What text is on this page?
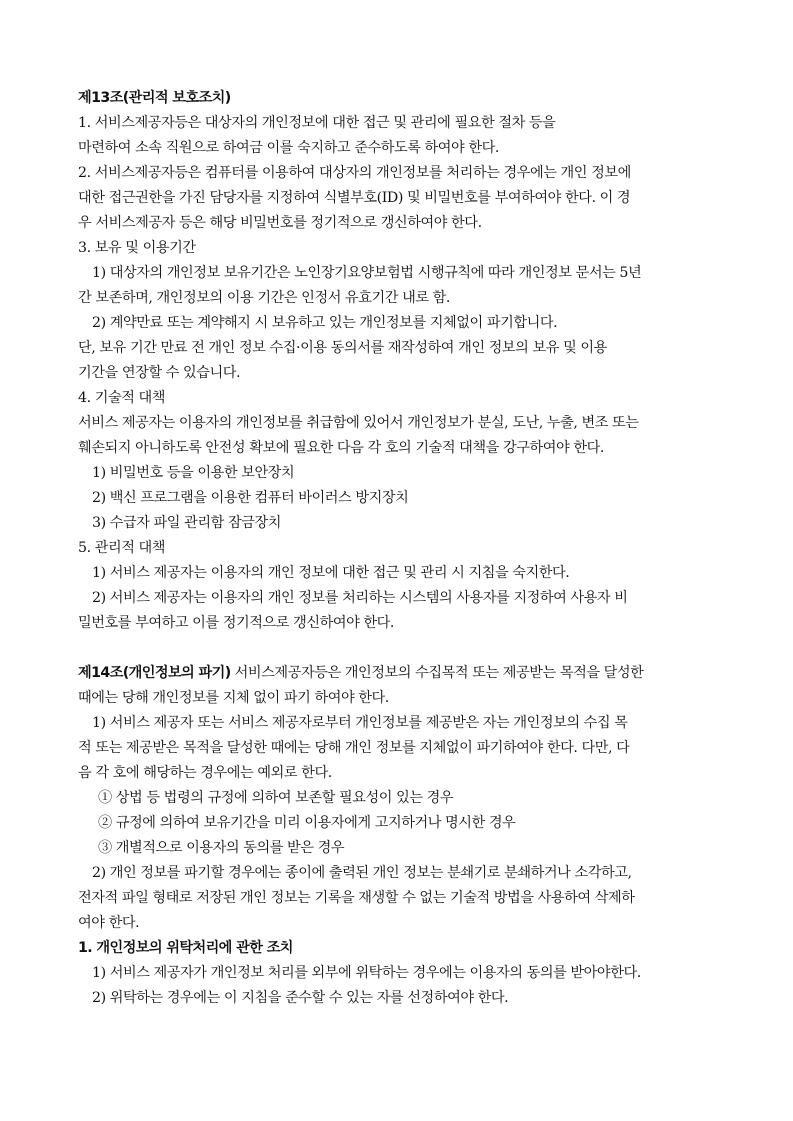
제13조(관리적 보호조치)
1. 서비스제공자등은 대상자의 개인정보에 대한 접근 및 관리에 필요한 절차 등을
마련하여 소속 직원으로 하여금 이를 숙지하고 준수하도록 하여야 한다.
2. 서비스제공자등은 컴퓨터를 이용하여 대상자의 개인정보를 처리하는 경우에는 개인 정보에
대한 접근권한을 가진 담당자를 지정하여 식별부호(ID) 및 비밀번호를 부여하여야 한다. 이 경
우 서비스제공자 등은 해당 비밀번호를 정기적으로 갱신하여야 한다.
3. 보유 및 이용기간
1) 대상자의 개인정보 보유기간은 노인장기요양보험법 시행규칙에 따라 개인정보 문서는 5년
간 보존하며, 개인정보의 이용 기간은 인정서 유효기간 내로 함.
2) 계약만료 또는 계약해지 시 보유하고 있는 개인정보를 지체없이 파기합니다.
단, 보유 기간 만료 전 개인 정보 수집·이용 동의서를 재작성하여 개인 정보의 보유 및 이용
기간을 연장할 수 있습니다.
4. 기술적 대책
서비스 제공자는 이용자의 개인정보를 취급함에 있어서 개인정보가 분실, 도난, 누출, 변조 또는
훼손되지 아니하도록 안전성 확보에 필요한 다음 각 호의 기술적 대책을 강구하여야 한다.
1) 비밀번호 등을 이용한 보안장치
2) 백신 프로그램을 이용한 컴퓨터 바이러스 방지장치
3) 수급자 파일 관리함 잠금장치
5. 관리적 대책
1) 서비스 제공자는 이용자의 개인 정보에 대한 접근 및 관리 시 지침을 숙지한다.
2) 서비스 제공자는 이용자의 개인 정보를 처리하는 시스템의 사용자를 지정하여 사용자 비
밀번호를 부여하고 이를 정기적으로 갱신하여야 한다.
제14조(개인정보의 파기) 서비스제공자등은 개인정보의 수집목적 또는 제공받는 목적을 달성한
때에는 당해 개인정보를 지체 없이 파기 하여야 한다.
1) 서비스 제공자 또는 서비스 제공자로부터 개인정보를 제공받은 자는 개인정보의 수집 목
적 또는 제공받은 목적을 달성한 때에는 당해 개인 정보를 지체없이 파기하여야 한다. 다만, 다
음 각 호에 해당하는 경우에는 예외로 한다.
① 상법 등 법령의 규정에 의하여 보존할 필요성이 있는 경우
② 규정에 의하여 보유기간을 미리 이용자에게 고지하거나 명시한 경우
③ 개별적으로 이용자의 동의를 받은 경우
2) 개인 정보를 파기할 경우에는 종이에 출력된 개인 정보는 분쇄기로 분쇄하거나 소각하고,
전자적 파일 형태로 저장된 개인 정보는 기록을 재생할 수 없는 기술적 방법을 사용하여 삭제하
여야 한다.
1. 개인정보의 위탁처리에 관한 조치
1) 서비스 제공자가 개인정보 처리를 외부에 위탁하는 경우에는 이용자의 동의를 받아야한다.
2) 위탁하는 경우에는 이 지침을 준수할 수 있는 자를 선정하여야 한다.
